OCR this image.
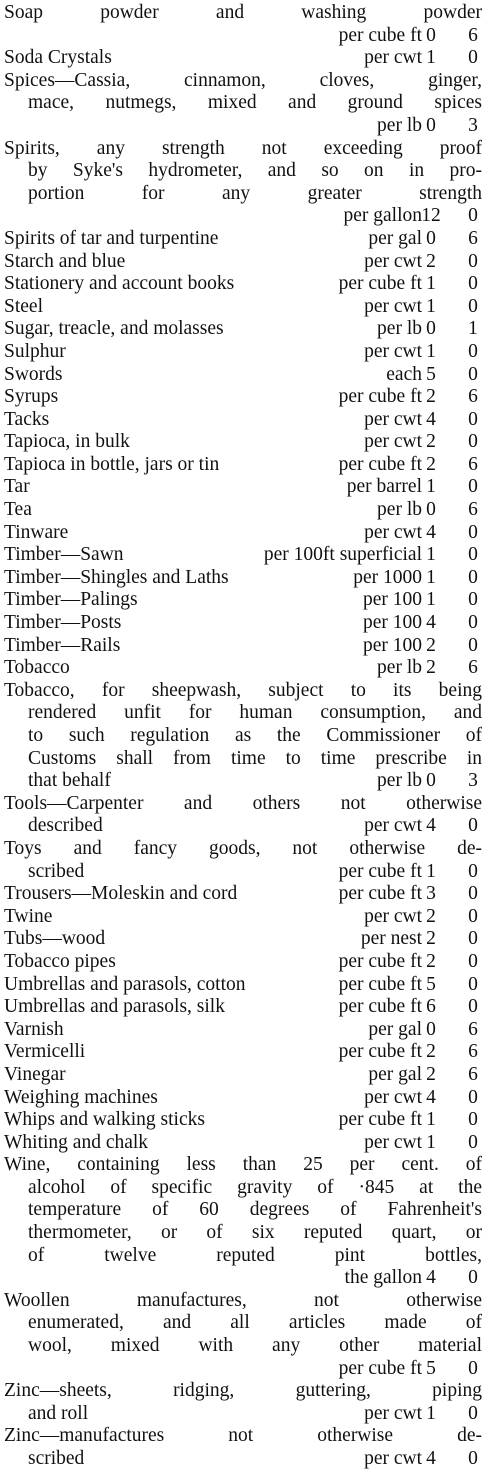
Soap powder and washing powder
per cube ft 0	6
Soda Crystals	per cwt 1	0
Spices—Cassia, cinnamon, cloves, ginger,
mace, nutmegs, mixed and ground spices
per lb 0	3
Spirits, any strength not exceeding proof
by Syke's hydrometer, and so on in pro-
portion for any greater strength
per gallon 12	0
Spirits of tar and turpentine	per gal 0	6
Starch and blue	per cwt 2	0
Stationery and account books	per cube ft 1	0
Steel	per cwt 1	0
Sugar, treacle, and molasses	per lb 0	1
Sulphur	per cwt 1	0
Swords	each 5	0
Syrups	per cube ft 2	6
Tacks	per cwt 4	0
Tapioca, in bulk	per cwt 2	0
Tapioca in bottle, jars or tin	per cube ft 2	6
Tar	per barrel 1	0
Tea	per lb 0	6
Tinware	per cwt 4	0
Timber—Sawn	per 100ft superficial 1	0
Timber—Shingles and Laths	per 1000 1	0
Timber—Palings	per 100 1	0
Timber—Posts	per 100 4	0
Timber—Rails	per 100 2	0
Tobacco	per lb 2	6
Tobacco, for sheepwash, subject to its being
rendered unfit for human consumption, and
to such regulation as the Commissioner of
Customs shall from time to time prescribe in
that behalf	per lb 0	3
Tools—Carpenter and others not otherwise
described	per cwt 4	0
Toys and fancy goods, not otherwise de-
scribed	per cube ft 1	0
Trousers—Moleskin and cord	per cube ft 3	0
Twine	per cwt 2	0
Tubs—wood	per nest 2	0
Tobacco pipes	per cube ft 2	0
Umbrellas and parasols, cotton	per cube ft 5	0
Umbrellas and parasols, silk	per cube ft 6	0
Varnish	per gal 0	6
Vermicelli	per cube ft 2	6
Vinegar	per gal 2	6
Weighing machines	per cwt 4	0
Whips and walking sticks	per cube ft 1	0
Whiting and chalk	per cwt 1	0
Wine, containing less than 25 per cent. of
alcohol of specific gravity of ·845 at the
temperature of 60 degrees of Fahrenheit's
thermometer, or of six reputed quart, or
of twelve reputed pint bottles,
the gallon 4	0
Woollen manufactures, not otherwise
enumerated, and all articles made of
wool, mixed with any other material
per cube ft 5	0
Zinc—sheets, ridging, guttering, piping
and roll	per cwt 1	0
Zinc—manufactures not otherwise de-
scribed	per cwt 4	0
